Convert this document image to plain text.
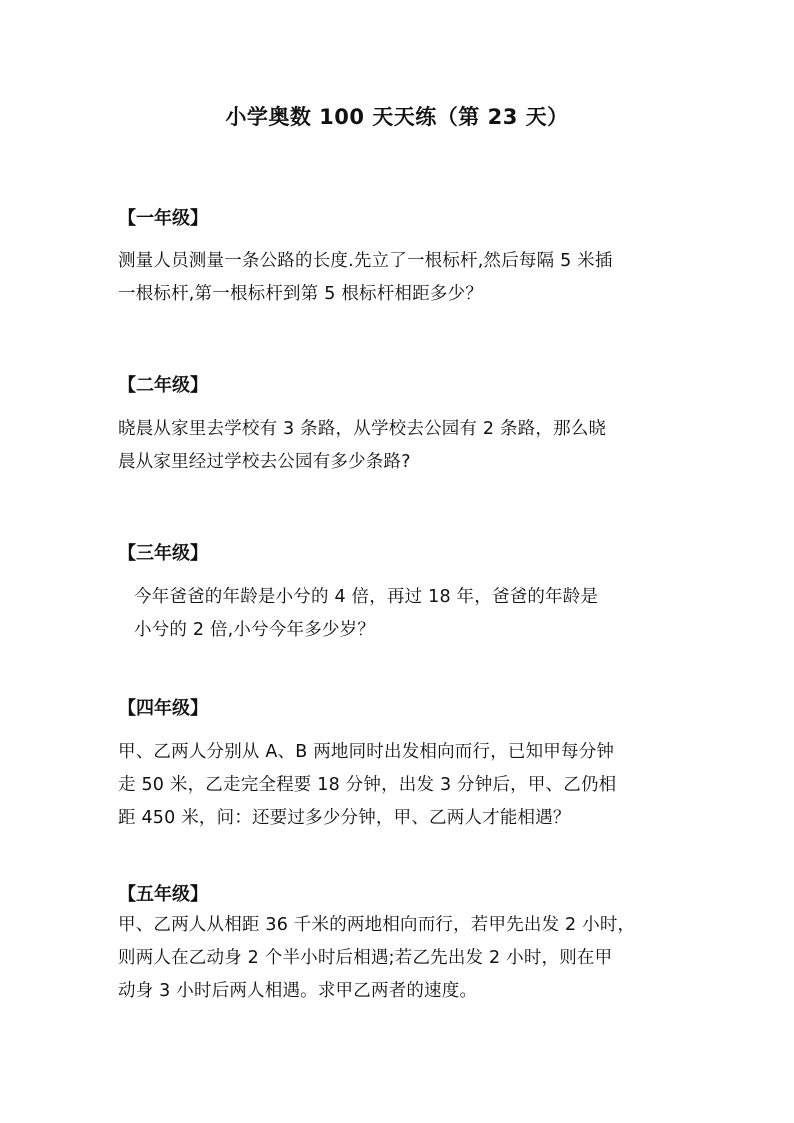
小学奥数 100 天天练（第 23 天）
【一年级】
测量人员测量一条公路的长度.先立了一根标杆,然后每隔 5 米插
一根标杆,第一根标杆到第 5 根标杆相距多少？
【二年级】
晓晨从家里去学校有 3 条路，从学校去公园有 2 条路，那么晓
晨从家里经过学校去公园有多少条路?
【三年级】
今年爸爸的年龄是小兮的 4 倍，再过 18 年，爸爸的年龄是
小兮的 2 倍,小兮今年多少岁？
【四年级】
甲、乙两人分别从 A、B 两地同时出发相向而行，已知甲每分钟
走 50 米，乙走完全程要 18 分钟，出发 3 分钟后，甲、乙仍相
距 450 米，问：还要过多少分钟，甲、乙两人才能相遇？
【五年级】
甲、乙两人从相距 36 千米的两地相向而行，若甲先出发 2 小时，
则两人在乙动身 2 个半小时后相遇;若乙先出发 2 小时，则在甲
动身 3 小时后两人相遇。求甲乙两者的速度。
